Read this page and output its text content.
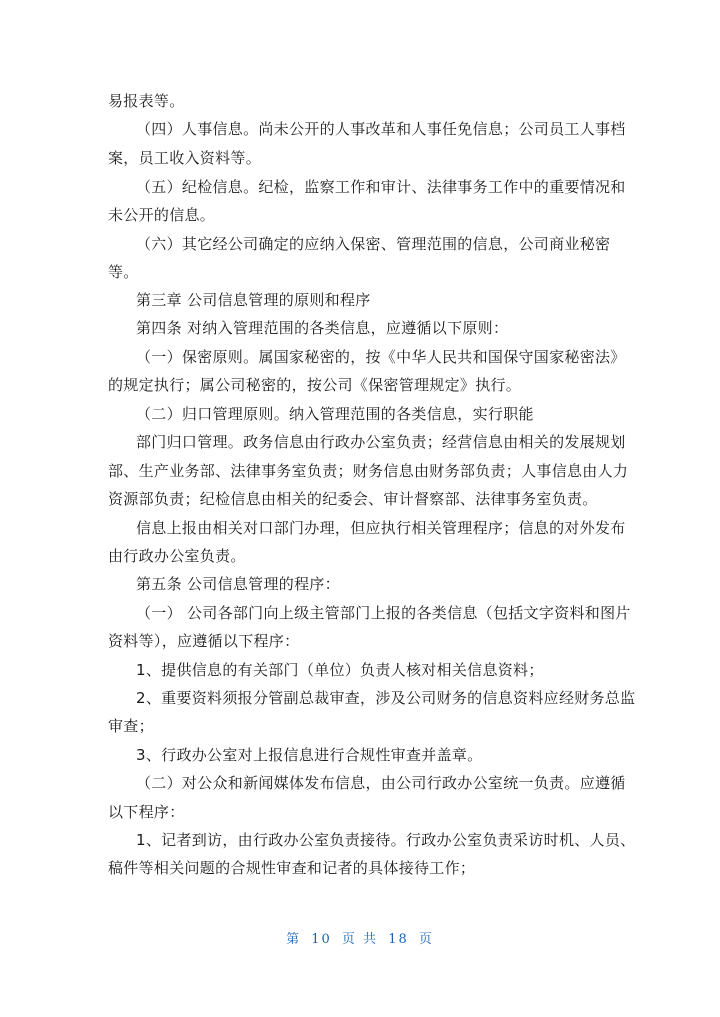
易报表等。
（四）人事信息。尚未公开的人事改革和人事任免信息；公司员工人事档
案，员工收入资料等。
（五）纪检信息。纪检，监察工作和审计、法律事务工作中的重要情况和
未公开的信息。
（六）其它经公司确定的应纳入保密、管理范围的信息，公司商业秘密
等。
第三章 公司信息管理的原则和程序
第四条 对纳入管理范围的各类信息，应遵循以下原则：
（一）保密原则。属国家秘密的，按《中华人民共和国保守国家秘密法》
的规定执行；属公司秘密的，按公司《保密管理规定》执行。
（二）归口管理原则。纳入管理范围的各类信息，实行职能
部门归口管理。政务信息由行政办公室负责；经营信息由相关的发展规划
部、生产业务部、法律事务室负责；财务信息由财务部负责；人事信息由人力
资源部负责；纪检信息由相关的纪委会、审计督察部、法律事务室负责。
信息上报由相关对口部门办理，但应执行相关管理程序；信息的对外发布
由行政办公室负责。
第五条 公司信息管理的程序：
（一） 公司各部门向上级主管部门上报的各类信息（包括文字资料和图片
资料等），应遵循以下程序：
1、提供信息的有关部门（单位）负责人核对相关信息资料；
2、重要资料须报分管副总裁审查，涉及公司财务的信息资料应经财务总监
审查；
3、行政办公室对上报信息进行合规性审查并盖章。
（二）对公众和新闻媒体发布信息，由公司行政办公室统一负责。应遵循
以下程序：
1、记者到访，由行政办公室负责接待。行政办公室负责采访时机、人员、
稿件等相关问题的合规性审查和记者的具体接待工作；
第 10 页 共 18 页
